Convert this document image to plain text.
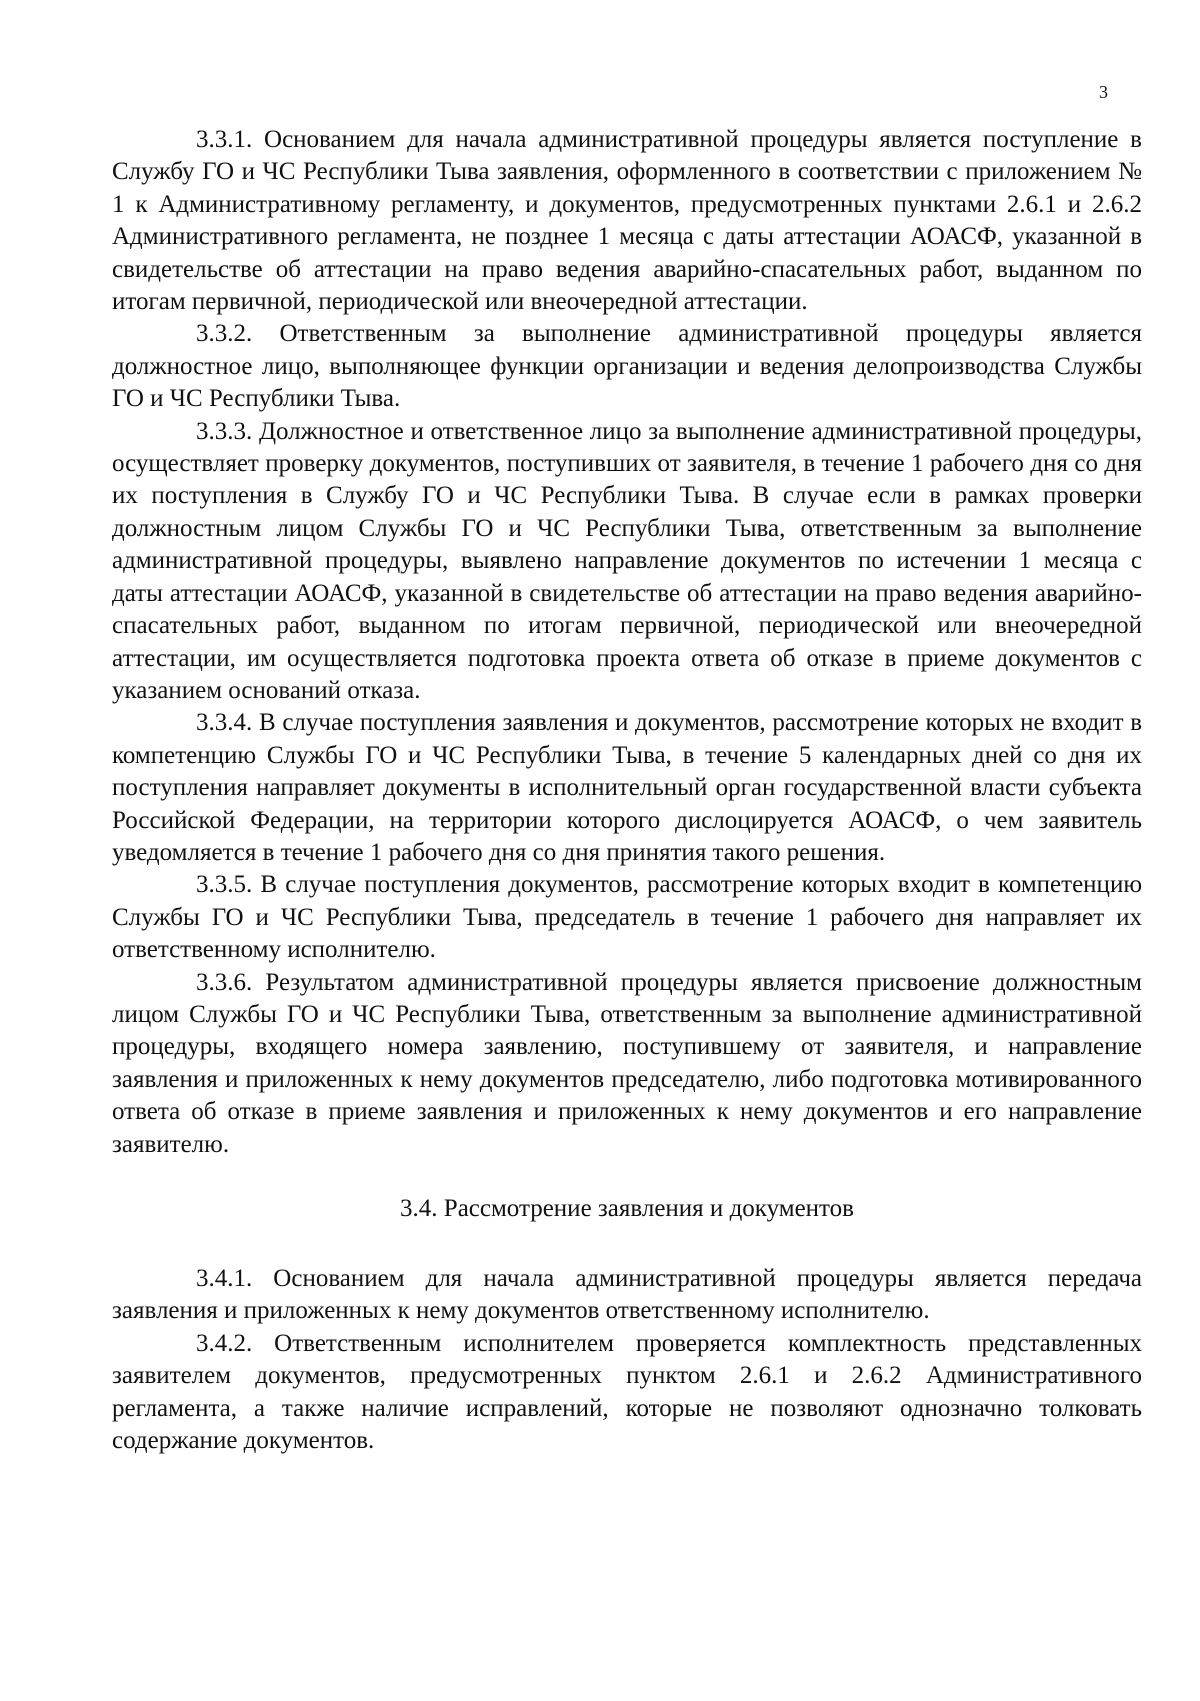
3

3.3.1. Основанием для начала административной процедуры является поступление в Службу ГО и ЧС Республики Тыва заявления, оформленного в соответствии с приложением № 1 к Административному регламенту, и документов, предусмотренных пунктами 2.6.1 и 2.6.2 Административного регламента, не позднее 1 месяца с даты аттестации АОАСФ, указанной в свидетельстве об аттестации на право ведения аварийно-спасательных работ, выданном по итогам первичной, периодической или внеочередной аттестации.

3.3.2. Ответственным за выполнение административной процедуры является должностное лицо, выполняющее функции организации и ведения делопроизводства Службы ГО и ЧС Республики Тыва.

3.3.3. Должностное и ответственное лицо за выполнение административной процедуры, осуществляет проверку документов, поступивших от заявителя, в течение 1 рабочего дня со дня их поступления в Службу ГО и ЧС Республики Тыва. В случае если в рамках проверки должностным лицом Службы ГО и ЧС Республики Тыва, ответственным за выполнение административной процедуры, выявлено направление документов по истечении 1 месяца с даты аттестации АОАСФ, указанной в свидетельстве об аттестации на право ведения аварийно-спасательных работ, выданном по итогам первичной, периодической или внеочередной аттестации, им осуществляется подготовка проекта ответа об отказе в приеме документов с указанием оснований отказа.

3.3.4. В случае поступления заявления и документов, рассмотрение которых не входит в компетенцию Службы ГО и ЧС Республики Тыва, в течение 5 календарных дней со дня их поступления направляет документы в исполнительный орган государственной власти субъекта Российской Федерации, на территории которого дислоцируется АОАСФ, о чем заявитель уведомляется в течение 1 рабочего дня со дня принятия такого решения.

3.3.5. В случае поступления документов, рассмотрение которых входит в компетенцию Службы ГО и ЧС Республики Тыва, председатель в течение 1 рабочего дня направляет их ответственному исполнителю.

3.3.6. Результатом административной процедуры является присвоение должностным лицом Службы ГО и ЧС Республики Тыва, ответственным за выполнение административной процедуры, входящего номера заявлению, поступившему от заявителя, и направление заявления и приложенных к нему документов председателю, либо подготовка мотивированного ответа об отказе в приеме заявления и приложенных к нему документов и его направление заявителю.

3.4. Рассмотрение заявления и документов

3.4.1. Основанием для начала административной процедуры является передача заявления и приложенных к нему документов ответственному исполнителю.

3.4.2. Ответственным исполнителем проверяется комплектность представленных заявителем документов, предусмотренных пунктом 2.6.1 и 2.6.2 Административного регламента, а также наличие исправлений, которые не позволяют однозначно толковать содержание документов.
